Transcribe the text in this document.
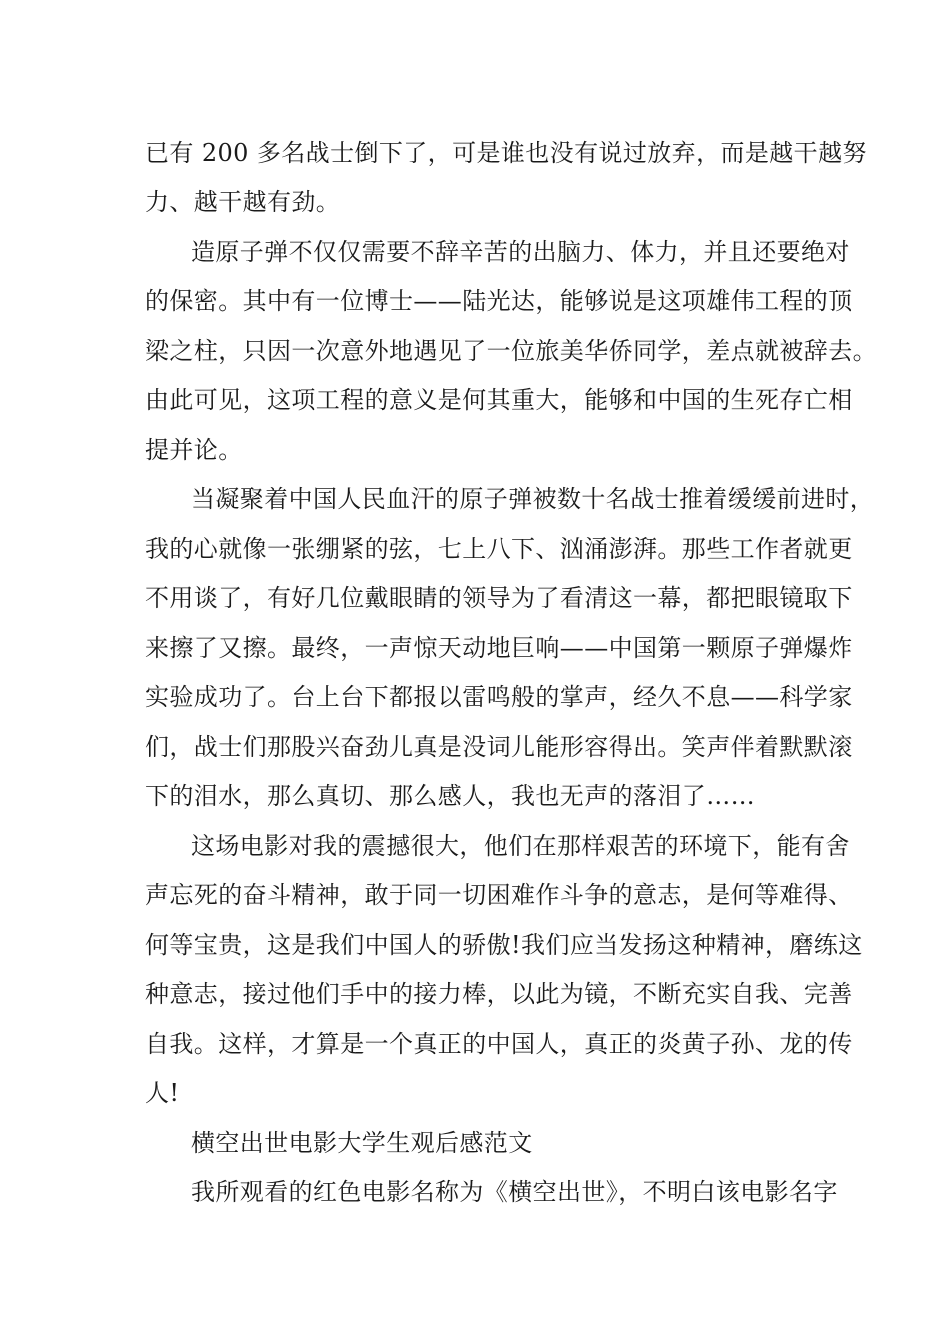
已有 200 多名战士倒下了，可是谁也没有说过放弃，而是越干越努

力、越干越有劲。

造原子弹不仅仅需要不辞辛苦的出脑力、体力，并且还要绝对

的保密。其中有一位博士——陆光达，能够说是这项雄伟工程的顶

梁之柱，只因一次意外地遇见了一位旅美华侨同学，差点就被辞去。

由此可见，这项工程的意义是何其重大，能够和中国的生死存亡相

提并论。

当凝聚着中国人民血汗的原子弹被数十名战士推着缓缓前进时，

我的心就像一张绷紧的弦，七上八下、汹涌澎湃。那些工作者就更

不用谈了，有好几位戴眼睛的领导为了看清这一幕，都把眼镜取下

来擦了又擦。最终，一声惊天动地巨响——中国第一颗原子弹爆炸

实验成功了。台上台下都报以雷鸣般的掌声，经久不息——科学家

们，战士们那股兴奋劲儿真是没词儿能形容得出。笑声伴着默默滚

下的泪水，那么真切、那么感人，我也无声的落泪了……

这场电影对我的震撼很大，他们在那样艰苦的环境下，能有舍

声忘死的奋斗精神，敢于同一切困难作斗争的意志，是何等难得、

何等宝贵，这是我们中国人的骄傲!我们应当发扬这种精神，磨练这

种意志，接过他们手中的接力棒，以此为镜，不断充实自我、完善

自我。这样，才算是一个真正的中国人，真正的炎黄子孙、龙的传

人!

横空出世电影大学生观后感范文

我所观看的红色电影名称为《横空出世》，不明白该电影名字
